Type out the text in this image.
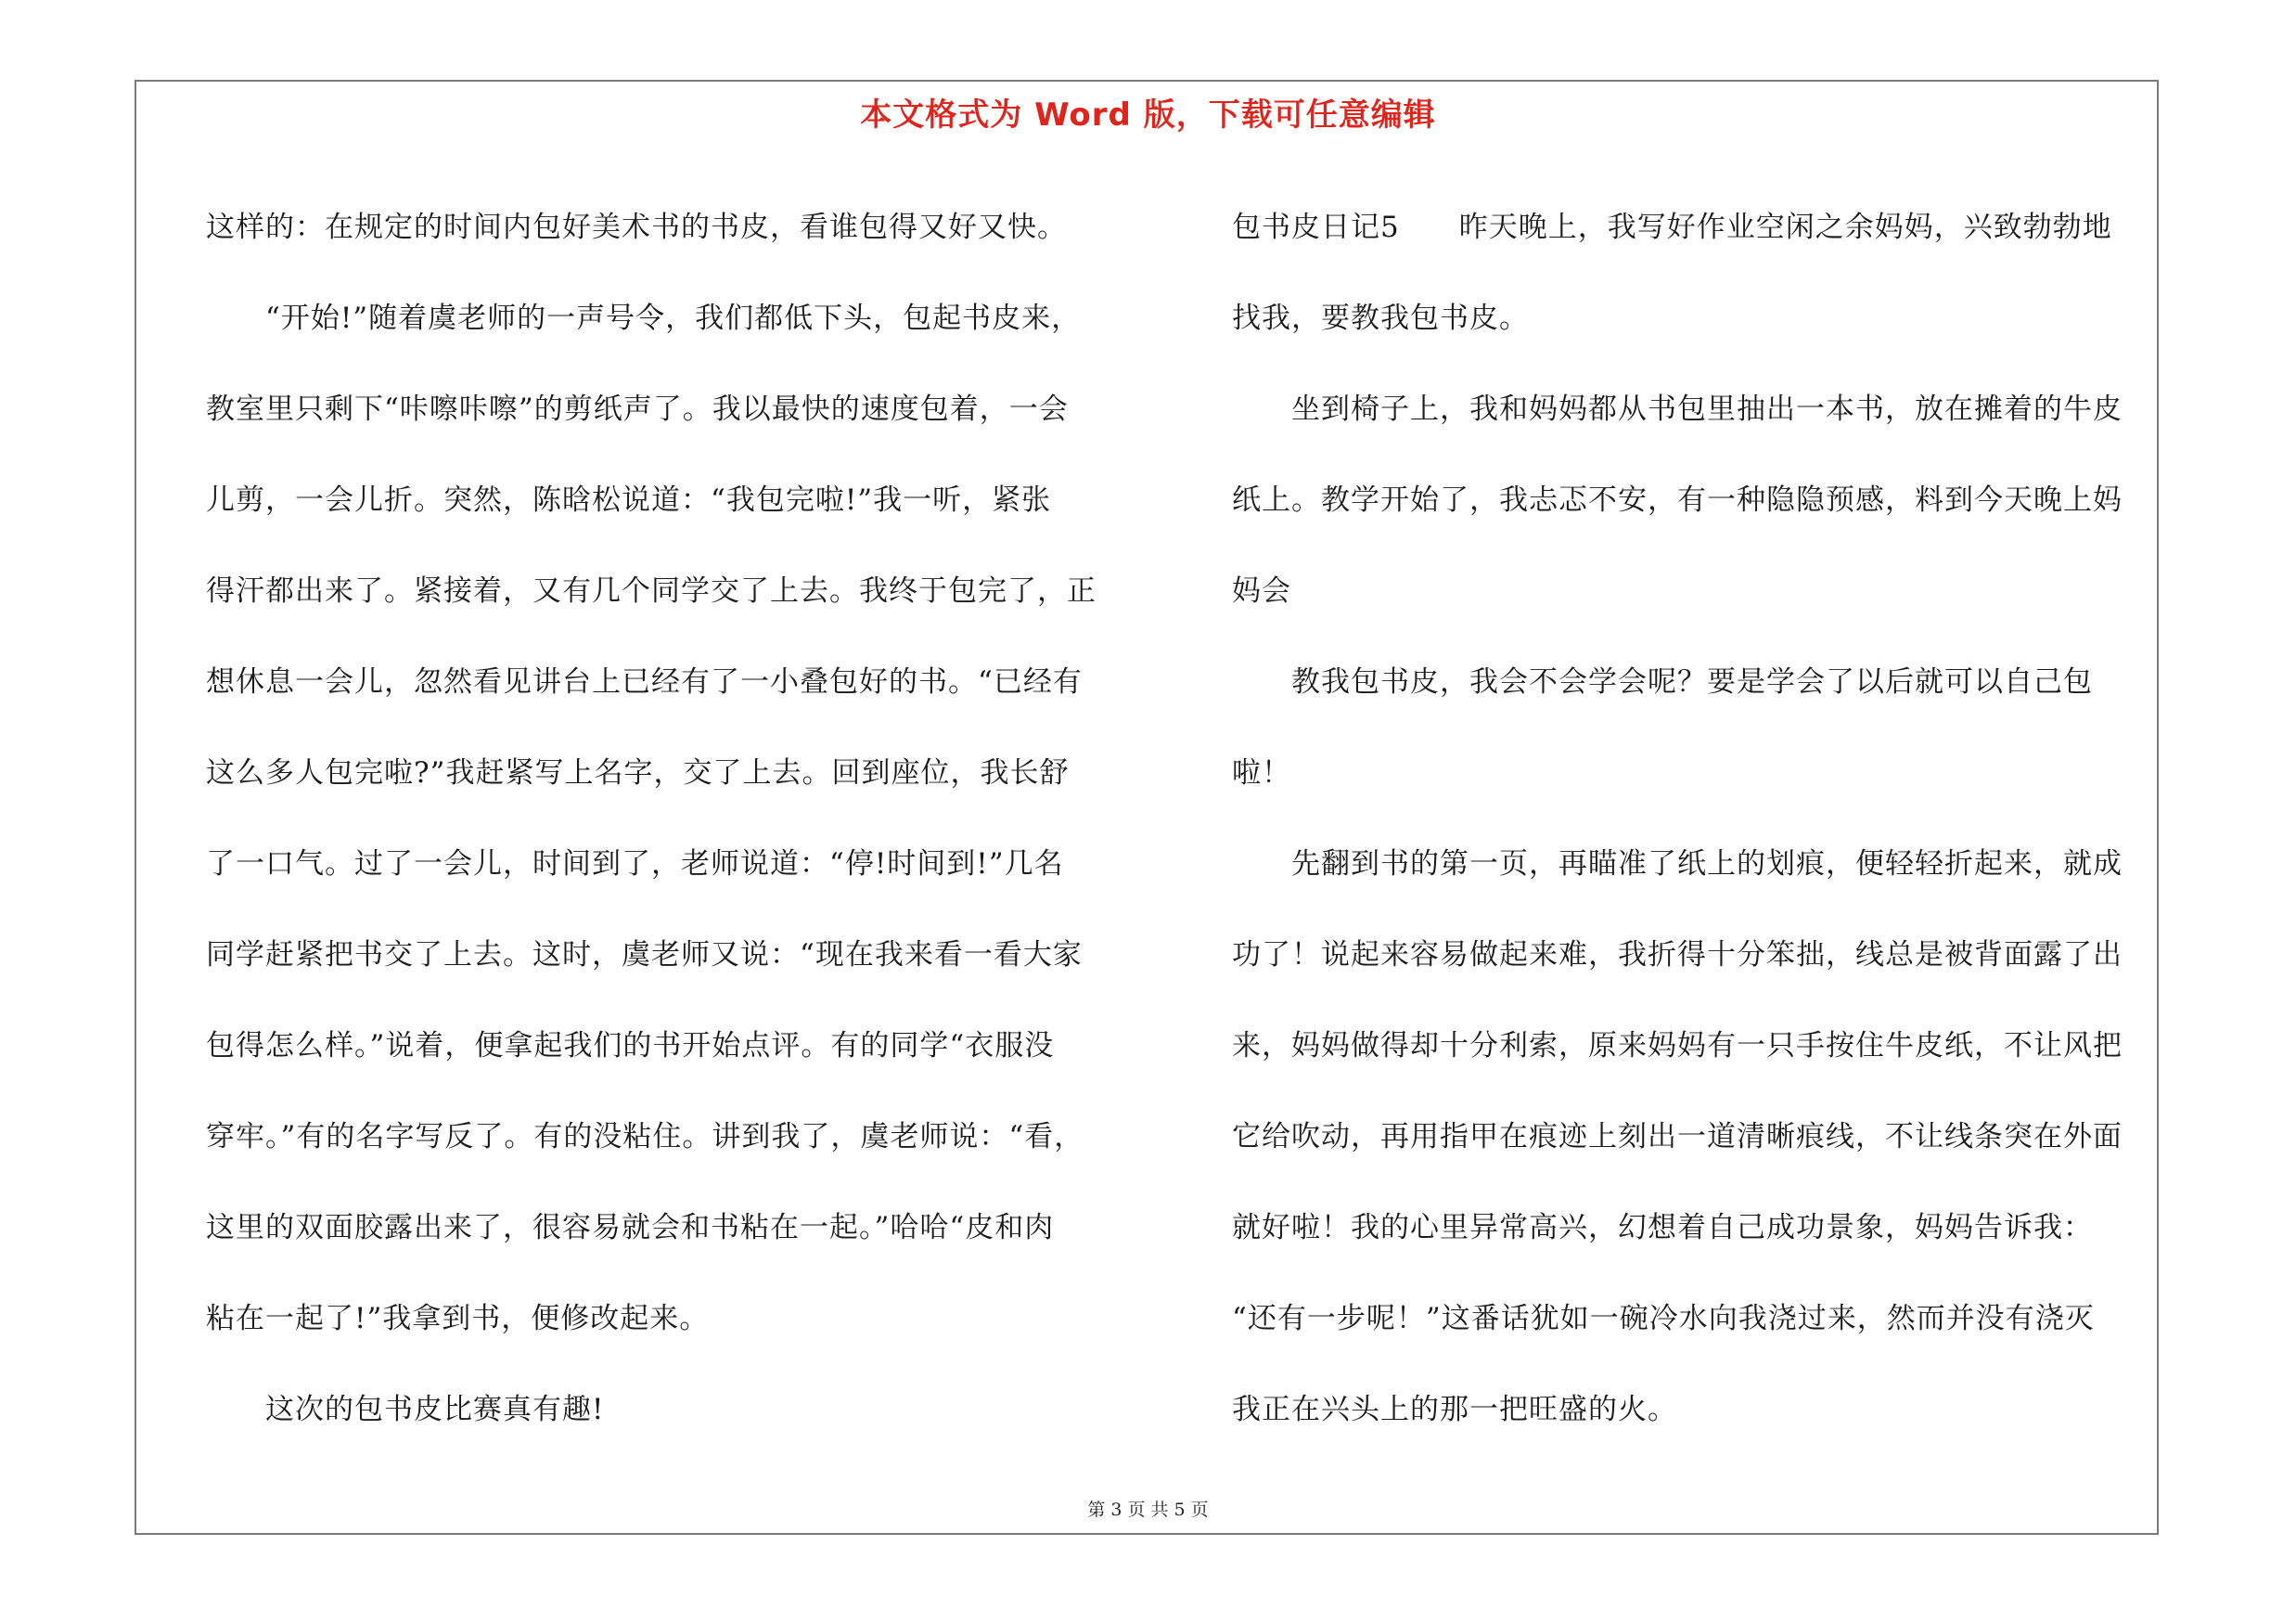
本文格式为 Word 版，下载可任意编辑

这样的：在规定的时间内包好美术书的书皮，看谁包得又好又快。

　　“开始!”随着虞老师的一声号令，我们都低下头，包起书皮来，

教室里只剩下“咔嚓咔嚓”的剪纸声了。我以最快的速度包着，一会

儿剪，一会儿折。突然，陈晗松说道：“我包完啦!”我一听，紧张

得汗都出来了。紧接着，又有几个同学交了上去。我终于包完了，正

想休息一会儿，忽然看见讲台上已经有了一小叠包好的书。“已经有

这么多人包完啦?”我赶紧写上名字，交了上去。回到座位，我长舒

了一口气。过了一会儿，时间到了，老师说道：“停!时间到!”几名

同学赶紧把书交了上去。这时，虞老师又说：“现在我来看一看大家

包得怎么样。”说着，便拿起我们的书开始点评。有的同学“衣服没

穿牢。”有的名字写反了。有的没粘住。讲到我了，虞老师说：“看，

这里的双面胶露出来了，很容易就会和书粘在一起。”哈哈“皮和肉

粘在一起了!”我拿到书，便修改起来。

　　这次的包书皮比赛真有趣!

包书皮日记5　　昨天晚上，我写好作业空闲之余妈妈，兴致勃勃地

找我，要教我包书皮。

　　坐到椅子上，我和妈妈都从书包里抽出一本书，放在摊着的牛皮

纸上。教学开始了，我忐忑不安，有一种隐隐预感，料到今天晚上妈

妈会

　　教我包书皮，我会不会学会呢？要是学会了以后就可以自己包

啦！

　　先翻到书的第一页，再瞄准了纸上的划痕，便轻轻折起来，就成

功了！说起来容易做起来难，我折得十分笨拙，线总是被背面露了出

来，妈妈做得却十分利索，原来妈妈有一只手按住牛皮纸，不让风把

它给吹动，再用指甲在痕迹上刻出一道清晰痕线，不让线条突在外面

就好啦！我的心里异常高兴，幻想着自己成功景象，妈妈告诉我：

“还有一步呢！”这番话犹如一碗冷水向我浇过来，然而并没有浇灭

我正在兴头上的那一把旺盛的火。

第 3 页 共 5 页
